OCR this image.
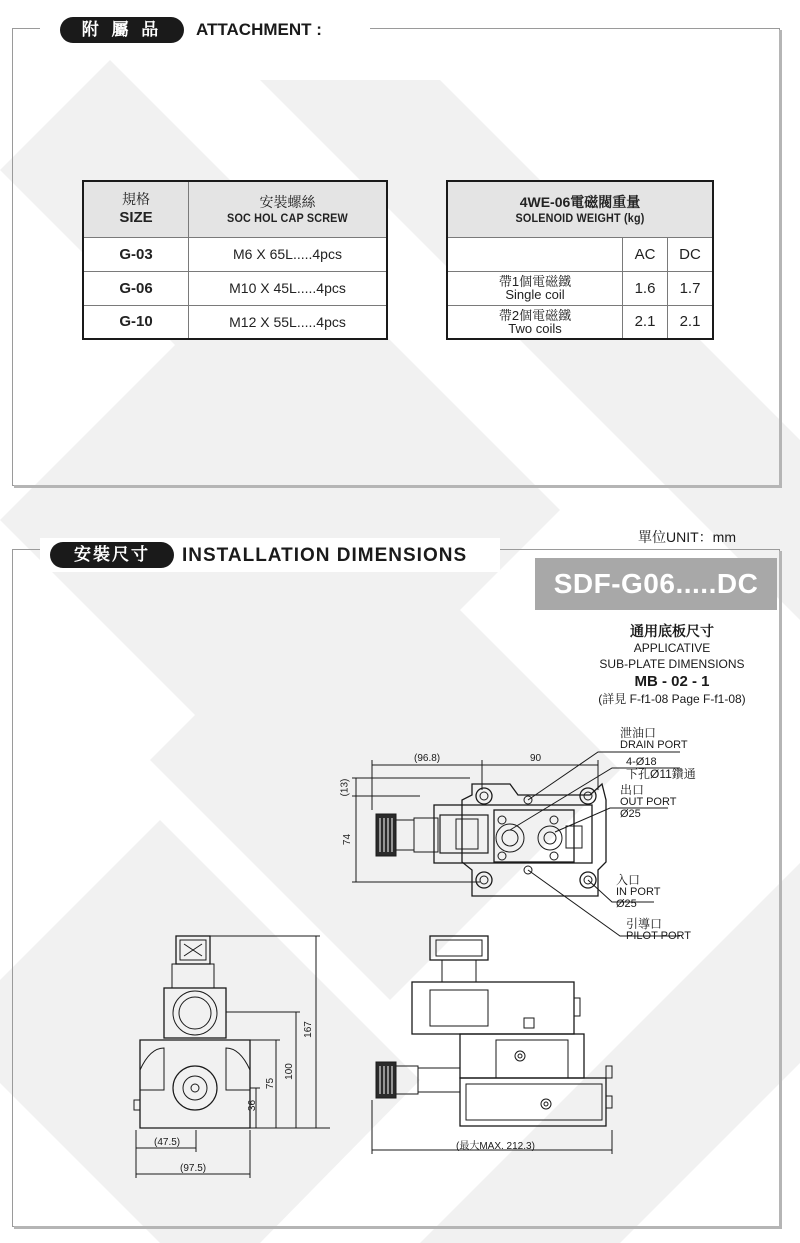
附 屬 品	ATTACHMENT :
規格
SIZE	安裝螺絲
SOC HOL CAP SCREW

G-03	M6 X 65L.....4pcs
G-06	M10 X 45L.....4pcs
G-10	M12 X 55L.....4pcs
4WE-06電磁閥重量
SOLENOID WEIGHT (kg)		

	AC	DC

帶1個電磁鐵
Single coil	1.6	1.7

帶2個電磁鐵
Two coils	2.1	2.1
單位UNIT：mm
安裝尺寸	INSTALLATION DIMENSIONS
SDF-G06.....DC
通用底板尺寸
APPLICATIVE
SUB-PLATE DIMENSIONS
MB - 02 - 1
(詳見 F-f1-08 Page F-f1-08)
(96.8)	90
(13)
74
167
100
75
36
(47.5)
(97.5)
(最大MAX. 212.3)
泄油口
DRAIN PORT
4-Ø18
下孔Ø11鑽通
出口
OUT PORT
Ø25
入口
IN PORT
Ø25
引導口
PILOT PORT
